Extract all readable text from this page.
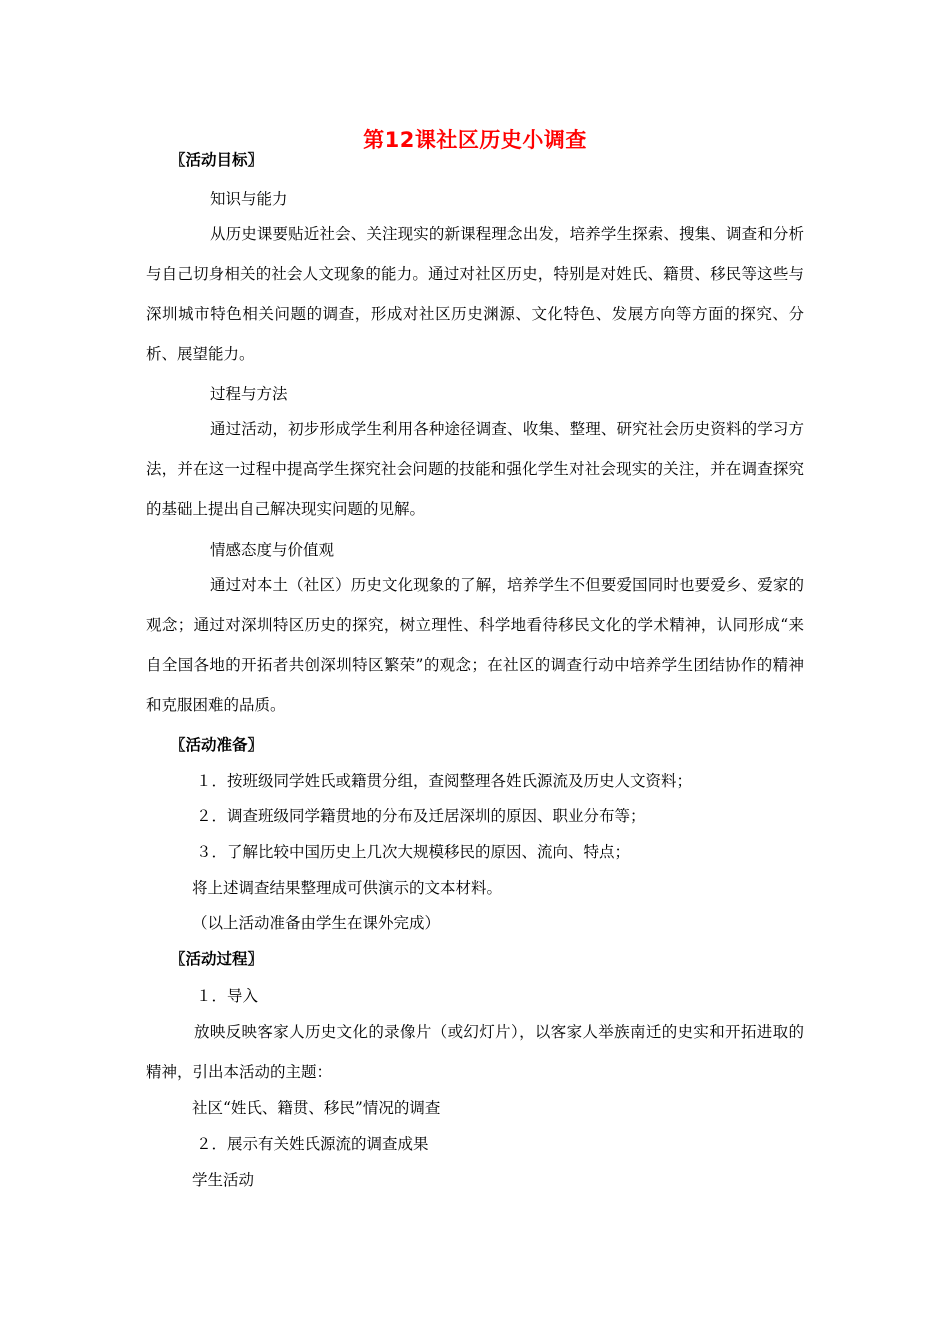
第12课社区历史小调查
〖活动目标〗
知识与能力
从历史课要贴近社会、关注现实的新课程理念出发，培养学生探索、搜集、调查和分析与自己切身相关的社会人文现象的能力。通过对社区历史，特别是对姓氏、籍贯、移民等这些与深圳城市特色相关问题的调查，形成对社区历史渊源、文化特色、发展方向等方面的探究、分析、展望能力。
过程与方法
通过活动，初步形成学生利用各种途径调查、收集、整理、研究社会历史资料的学习方法，并在这一过程中提高学生探究社会问题的技能和强化学生对社会现实的关注，并在调查探究的基础上提出自己解决现实问题的见解。
情感态度与价值观
通过对本土（社区）历史文化现象的了解，培养学生不但要爱国同时也要爱乡、爱家的观念；通过对深圳特区历史的探究，树立理性、科学地看待移民文化的学术精神，认同形成“来自全国各地的开拓者共创深圳特区繁荣”的观念；在社区的调查行动中培养学生团结协作的精神和克服困难的品质。
〖活动准备〗
１．按班级同学姓氏或籍贯分组，查阅整理各姓氏源流及历史人文资料；
２．调查班级同学籍贯地的分布及迁居深圳的原因、职业分布等；
３．了解比较中国历史上几次大规模移民的原因、流向、特点；
将上述调查结果整理成可供演示的文本材料。
（以上活动准备由学生在课外完成）
〖活动过程〗
１．导入
放映反映客家人历史文化的录像片（或幻灯片），以客家人举族南迁的史实和开拓进取的精神，引出本活动的主题：
社区“姓氏、籍贯、移民”情况的调查
２．展示有关姓氏源流的调查成果
学生活动
